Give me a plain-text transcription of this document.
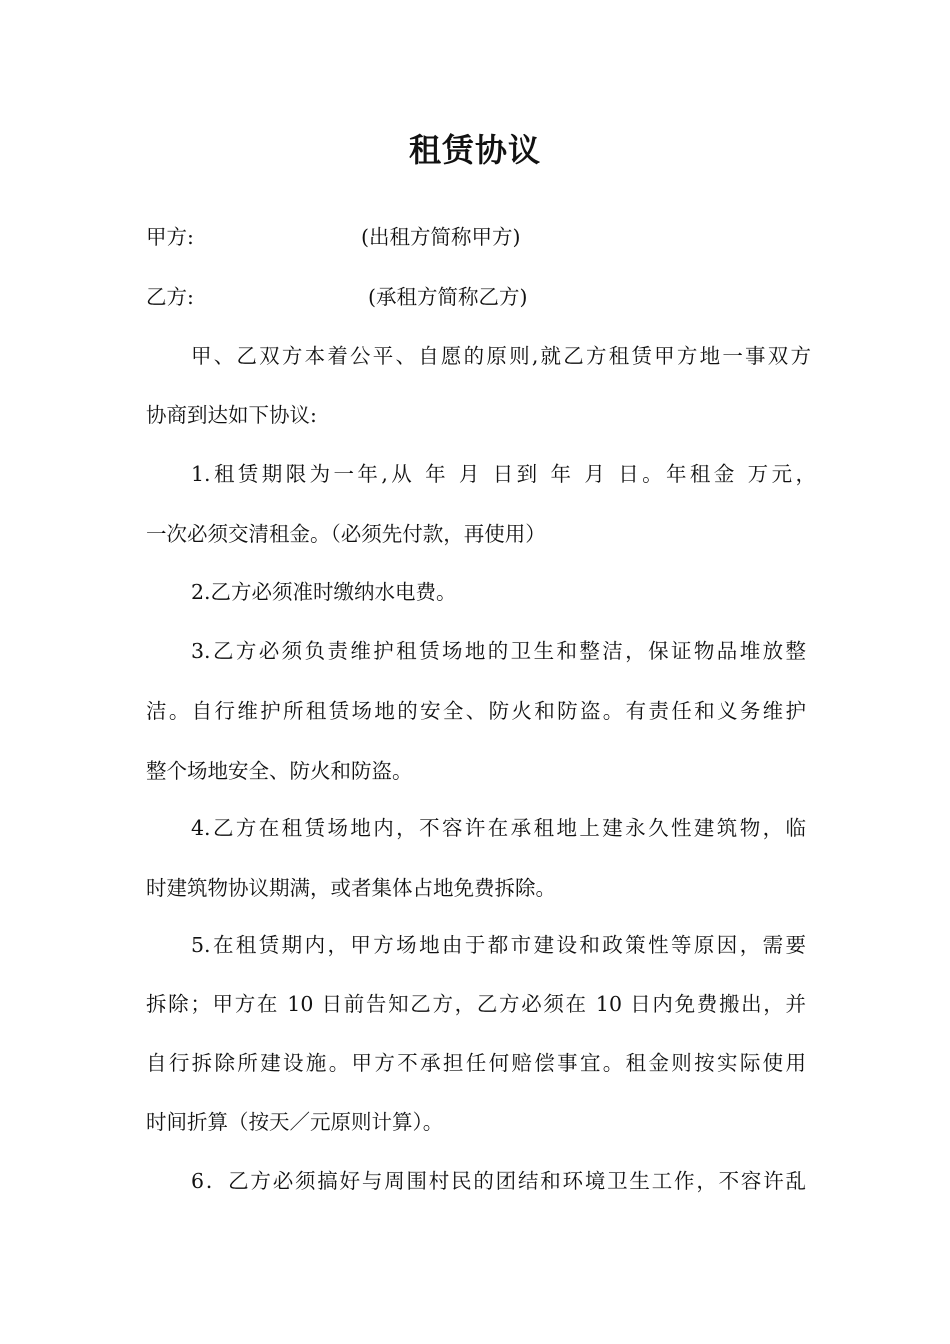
租赁协议
甲方:	(出租方简称甲方)
乙方:	(承租方简称乙方)
甲、乙双方本着公平、自愿的原则,就乙方租赁甲方地一事双方
协商到达如下协议:
1.租赁期限为一年,从 年 月 日到 年 月 日。年租金 万元，
一次必须交清租金。（必须先付款，再使用）
2.乙方必须准时缴纳水电费。
3.乙方必须负责维护租赁场地的卫生和整洁，保证物品堆放整
洁。自行维护所租赁场地的安全、防火和防盗。有责任和义务维护
整个场地安全、防火和防盗。
4.乙方在租赁场地内，不容许在承租地上建永久性建筑物，临
时建筑物协议期满，或者集体占地免费拆除。
5.在租赁期内，甲方场地由于都市建设和政策性等原因，需要
拆除；甲方在 10 日前告知乙方，乙方必须在 10 日内免费搬出，并
自行拆除所建设施。甲方不承担任何赔偿事宜。租金则按实际使用
时间折算（按天／元原则计算）。
6．乙方必须搞好与周围村民的团结和环境卫生工作，不容许乱
